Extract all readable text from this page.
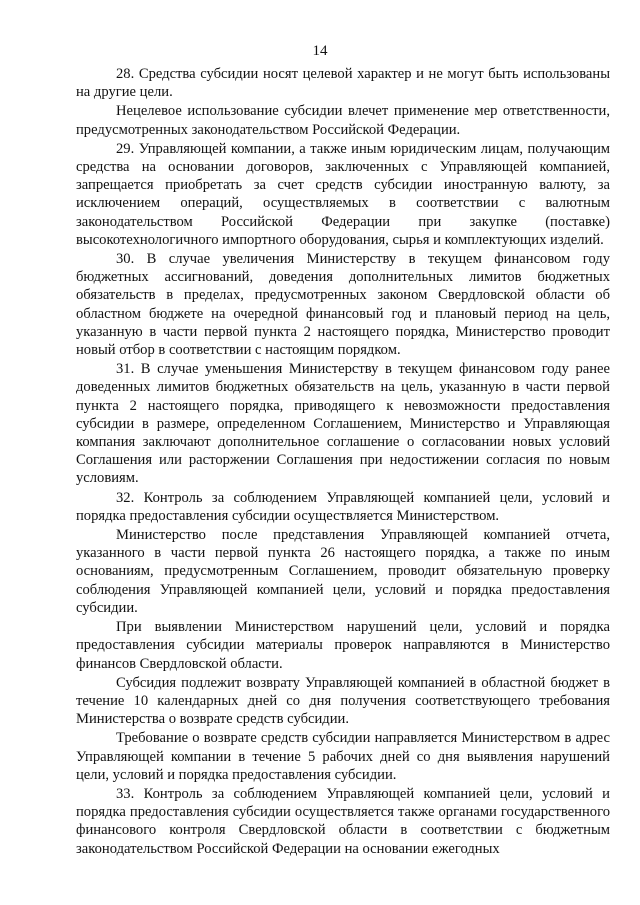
14

28. Средства субсидии носят целевой характер и не могут быть использованы на другие цели.

Нецелевое использование субсидии влечет применение мер ответственности, предусмотренных законодательством Российской Федерации.

29. Управляющей компании, а также иным юридическим лицам, получающим средства на основании договоров, заключенных с Управляющей компанией, запрещается приобретать за счет средств субсидии иностранную валюту, за исключением операций, осуществляемых в соответствии с валютным законодательством Российской Федерации при закупке (поставке) высокотехнологичного импортного оборудования, сырья и комплектующих изделий.

30. В случае увеличения Министерству в текущем финансовом году бюджетных ассигнований, доведения дополнительных лимитов бюджетных обязательств в пределах, предусмотренных законом Свердловской области об областном бюджете на очередной финансовый год и плановый период на цель, указанную в части первой пункта 2 настоящего порядка, Министерство проводит новый отбор в соответствии с настоящим порядком.

31. В случае уменьшения Министерству в текущем финансовом году ранее доведенных лимитов бюджетных обязательств на цель, указанную в части первой пункта 2 настоящего порядка, приводящего к невозможности предоставления субсидии в размере, определенном Соглашением, Министерство и Управляющая компания заключают дополнительное соглашение о согласовании новых условий Соглашения или расторжении Соглашения при недостижении согласия по новым условиям.

32. Контроль за соблюдением Управляющей компанией цели, условий и порядка предоставления субсидии осуществляется Министерством.

Министерство после представления Управляющей компанией отчета, указанного в части первой пункта 26 настоящего порядка, а также по иным основаниям, предусмотренным Соглашением, проводит обязательную проверку соблюдения Управляющей компанией цели, условий и порядка предоставления субсидии.

При выявлении Министерством нарушений цели, условий и порядка предоставления субсидии материалы проверок направляются в Министерство финансов Свердловской области.

Субсидия подлежит возврату Управляющей компанией в областной бюджет в течение 10 календарных дней со дня получения соответствующего требования Министерства о возврате средств субсидии.

Требование о возврате средств субсидии направляется Министерством в адрес Управляющей компании в течение 5 рабочих дней со дня выявления нарушений цели, условий и порядка предоставления субсидии.

33. Контроль за соблюдением Управляющей компанией цели, условий и порядка предоставления субсидии осуществляется также органами государственного финансового контроля Свердловской области в соответствии с бюджетным законодательством Российской Федерации на основании ежегодных
